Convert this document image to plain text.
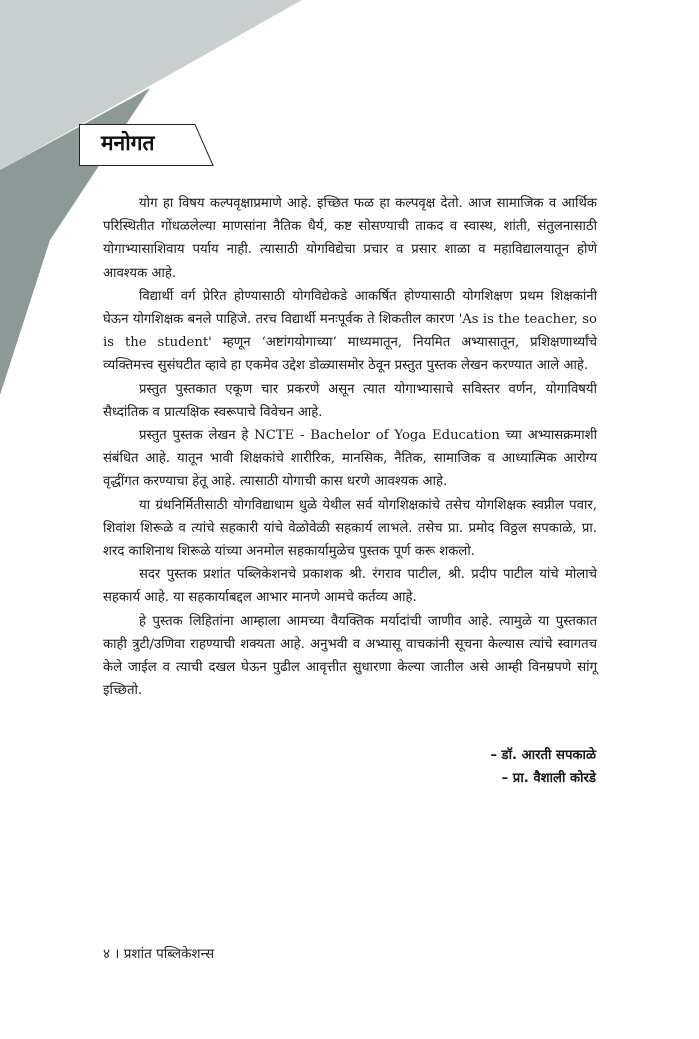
मनोगत

योग हा विषय कल्पवृक्षाप्रमाणे आहे. इच्छित फळ हा कल्पवृक्ष देतो. आज सामाजिक व आर्थिक परिस्थितीत गोंधळलेल्या माणसांना नैतिक धैर्य, कष्ट सोसण्याची ताकद व स्वास्थ, शांती, संतुलनासाठी योगाभ्यासाशिवाय पर्याय नाही. त्यासाठी योगविद्येचा प्रचार व प्रसार शाळा व महाविद्यालयातून होणे आवश्यक आहे.

विद्यार्थी वर्ग प्रेरित होण्यासाठी योगविद्येकडे आकर्षित होण्यासाठी योगशिक्षण प्रथम शिक्षकांनी घेऊन योगशिक्षक बनले पाहिजे. तरच विद्यार्थी मनःपूर्वक ते शिकतील कारण 'As is the teacher, so is the student' म्हणून ‘अष्टांगयोगाच्या’ माध्यमातून, नियमित अभ्यासातून, प्रशिक्षणार्थ्यांचे व्यक्तिमत्त्व सुसंघटीत व्हावे हा एकमेव उद्देश डोळ्यासमोर ठेवून प्रस्तुत पुस्तक लेखन करण्यात आले आहे.

प्रस्तुत पुस्तकात एकूण चार प्रकरणे असून त्यात योगाभ्यासाचे सविस्तर वर्णन, योगाविषयी सैध्दांतिक व प्रात्यक्षिक स्वरूपाचे विवेचन आहे.

प्रस्तुत पुस्तक लेखन हे NCTE - Bachelor of Yoga Education च्या अभ्यासक्रमाशी संबंधित आहे. यातून भावी शिक्षकांचे शारीरिक, मानसिक, नैतिक, सामाजिक व आध्यात्मिक आरोग्य वृद्धींगत करण्याचा हेतू आहे. त्यासाठी योगाची कास धरणे आवश्यक आहे.

या ग्रंथनिर्मितीसाठी योगविद्याधाम धुळे येथील सर्व योगशिक्षकांचे तसेच योगशिक्षक स्वप्नील पवार, शिवांश शिरूळे व त्यांचे सहकारी यांचे वेळोवेळी सहकार्य लाभले. तसेच प्रा. प्रमोद विठ्ठल सपकाळे, प्रा. शरद काशिनाथ शिरूळे यांच्या अनमोल सहकार्यामुळेच पुस्तक पूर्ण करू शकलो.

सदर पुस्तक प्रशांत पब्लिकेशनचे प्रकाशक श्री. रंगराव पाटील, श्री. प्रदीप पाटील यांचे मोलाचे सहकार्य आहे. या सहकार्याबद्दल आभार मानणे आमचे कर्तव्य आहे.

हे पुस्तक लिहितांना आम्हाला आमच्या वैयक्तिक मर्यादांची जाणीव आहे. त्यामुळे या पुस्तकात काही त्रुटी/उणिवा राहण्याची शक्यता आहे. अनुभवी व अभ्यासू वाचकांनी सूचना केल्यास त्यांचे स्वागतच केले जाईल व त्याची दखल घेऊन पुढील आवृत्तीत सुधारणा केल्या जातील असे आम्ही विनम्रपणे सांगू इच्छितो.

– डॉ. आरती सपकाळे
– प्रा. वैशाली कोरडे
४ । प्रशांत पब्लिकेशन्स
